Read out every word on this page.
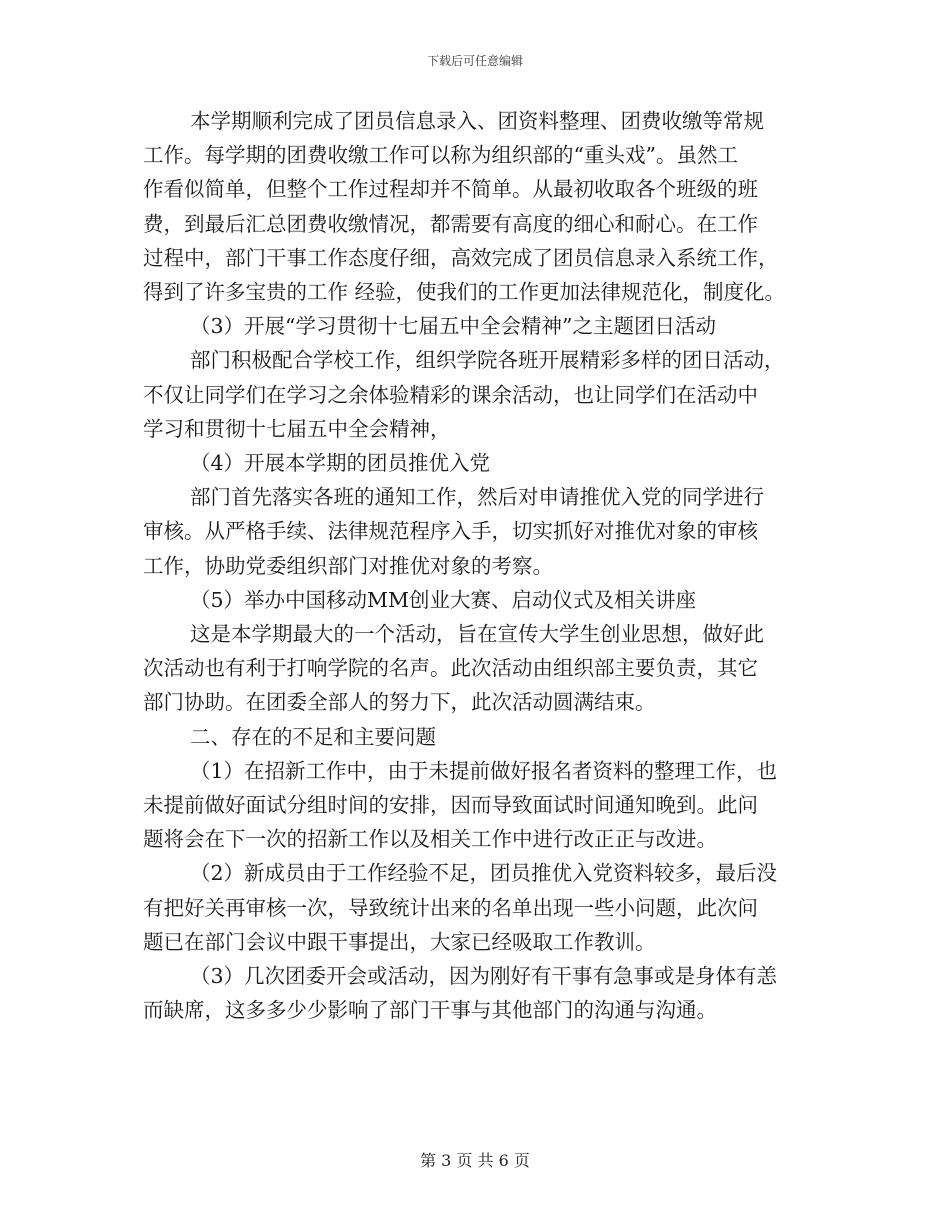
下载后可任意编辑
本学期顺利完成了团员信息录入、团资料整理、团费收缴等常规
工作。每学期的团费收缴工作可以称为组织部的“重头戏”。虽然工
作看似简单，但整个工作过程却并不简单。从最初收取各个班级的班
费，到最后汇总团费收缴情况，都需要有高度的细心和耐心。在工作
过程中，部门干事工作态度仔细，高效完成了团员信息录入系统工作，
得到了许多宝贵的工作 经验，使我们的工作更加法律规范化，制度化。
（3）开展“学习贯彻十七届五中全会精神”之主题团日活动
部门积极配合学校工作，组织学院各班开展精彩多样的团日活动，
不仅让同学们在学习之余体验精彩的课余活动，也让同学们在活动中
学习和贯彻十七届五中全会精神，
（4）开展本学期的团员推优入党
部门首先落实各班的通知工作，然后对申请推优入党的同学进行
审核。从严格手续、法律规范程序入手，切实抓好对推优对象的审核
工作，协助党委组织部门对推优对象的考察。
（5）举办中国移动MM创业大赛、启动仪式及相关讲座
这是本学期最大的一个活动，旨在宣传大学生创业思想，做好此
次活动也有利于打响学院的名声。此次活动由组织部主要负责，其它
部门协助。在团委全部人的努力下，此次活动圆满结束。
二、存在的不足和主要问题
（1）在招新工作中，由于未提前做好报名者资料的整理工作，也
未提前做好面试分组时间的安排，因而导致面试时间通知晚到。此问
题将会在下一次的招新工作以及相关工作中进行改正正与改进。
（2）新成员由于工作经验不足，团员推优入党资料较多，最后没
有把好关再审核一次，导致统计出来的名单出现一些小问题，此次问
题已在部门会议中跟干事提出，大家已经吸取工作教训。
（3）几次团委开会或活动，因为刚好有干事有急事或是身体有恙
而缺席，这多多少少影响了部门干事与其他部门的沟通与沟通。
第 3 页 共 6 页
